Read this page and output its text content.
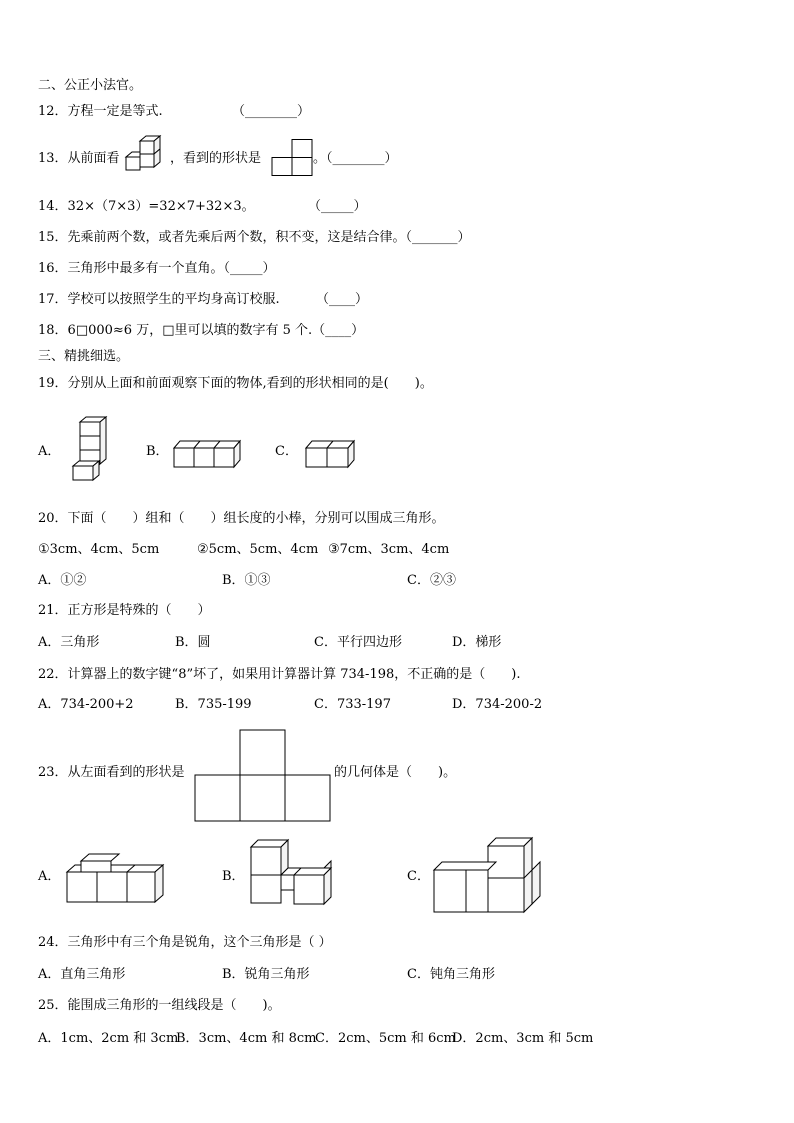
二、公正小法官。
12．方程一定是等式.	（________）
13．从前面看	，看到的形状是	。（________）
14．32×（7×3）=32×7+32×3。	（_____）
15．先乘前两个数，或者先乘后两个数，积不变，这是结合律。（_______）
16．三角形中最多有一个直角。（_____）
17．学校可以按照学生的平均身高订校服.	（____）
18．6□000≈6 万，□里可以填的数字有 5 个.（____）
三、精挑细选。
19．分别从上面和前面观察下面的物体,看到的形状相同的是(　　)。
A．	B．	C．
20．下面（　　）组和（　　）组长度的小棒，分别可以围成三角形。
①3cm、4cm、5cm	②5cm、5cm、4cm ③7cm、3cm、4cm
A．①②	B．①③	C．②③
21．正方形是特殊的（　　）
A．三角形	B．圆	C．平行四边形	D．梯形
22．计算器上的数字键“8”坏了，如果用计算器计算 734-198，不正确的是（　　).
A．734-200+2	B．735-199	C．733-197	D．734-200-2
23．从左面看到的形状是	的几何体是（　　)。
A．	B．	C．
24．三角形中有三个角是锐角，这个三角形是（ ）
A．直角三角形	B．锐角三角形	C．钝角三角形
25．能围成三角形的一组线段是（　　)。
A．1cm、2cm 和 3cm
B．3cm、4cm 和 8cm
C．2cm、5cm 和 6cm
D．2cm、3cm 和 5cm
